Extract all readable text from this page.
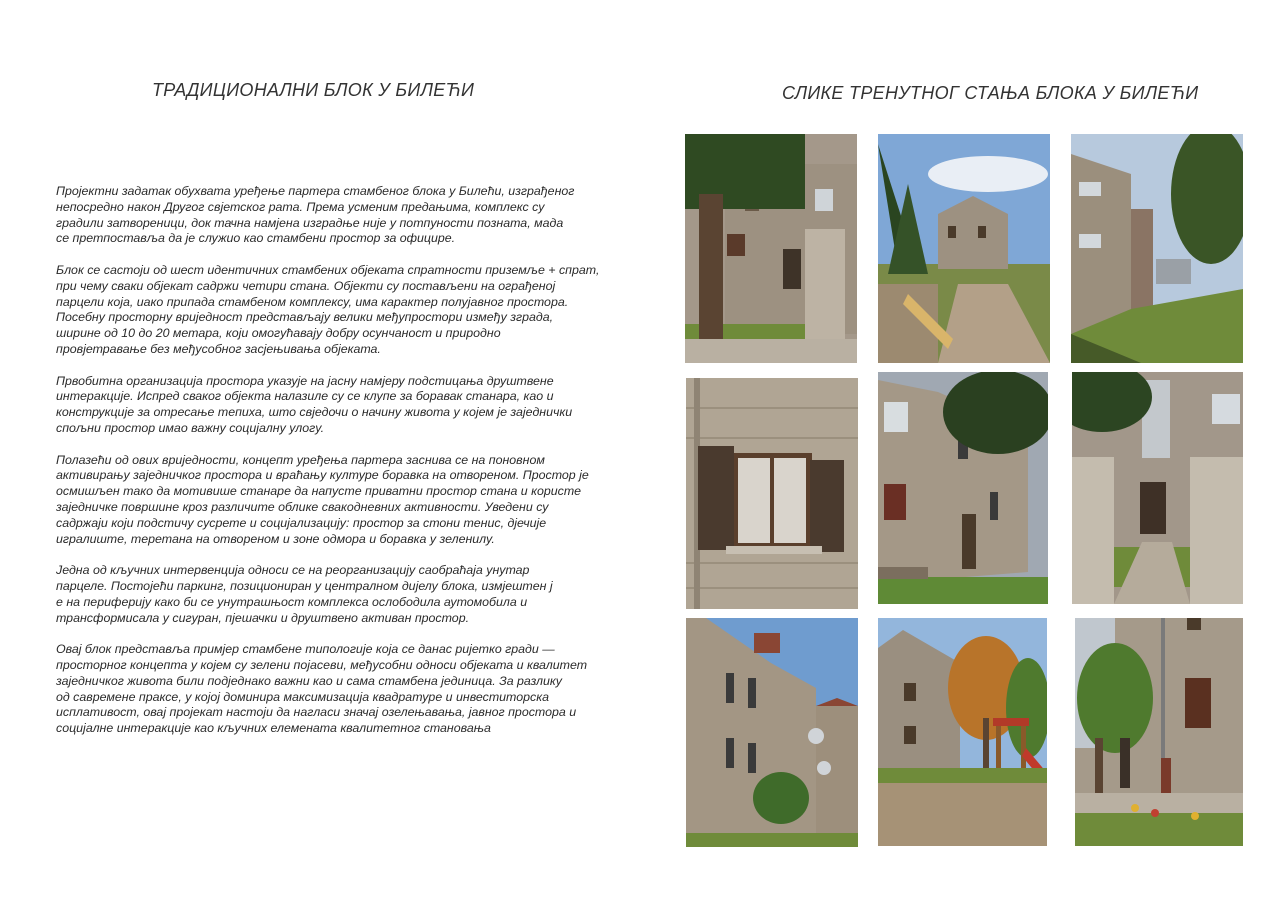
ТРАДИЦИОНАЛНИ БЛОК У БИЛЕЋИ	СЛИКЕ ТРЕНУТНОГ СТАЊА БЛОКА У БИЛЕЋИ

Пројектни задатак обухвата уређење партера стамбеног блока у Билећи, изграђеног
непосредно након Другог свјетског рата. Према усменим предањима, комплекс су
градили затвореници, док тачна намјена изградње није у потпуности позната, мада
се претпоставља да је служио као стамбени простор за официре.

Блок се састоји од шест идентичних стамбених објеката спратности приземље + спрат,
при чему сваки објекат садржи четири стана. Објекти су постављени на ограђеној
парцели која, иако припада стамбеном комплексу, има карактер полујавног простора.
Посебну просторну вриједност представљају велики међупростори између зграда,
ширине од 10 до 20 метара, који омогућавају добру осунчаност и природно
провјетравање без међусобног засјењивања објеката.

Првобитна организација простора указује на јасну намјеру подстицања друштвене
интеракције. Испред сваког објекта налазиле су се клупе за боравак станара, као и
конструкције за отресање тепиха, што свједочи о начину живота у којем је заједнички
спољни простор имао важну социјалну улогу.

Полазећи од ових вриједности, концепт уређења партера заснива се на поновном
активирању заједничког простора и враћању културе боравка на отвореном. Простор је
осмишљен тако да мотивише станаре да напусте приватни простор стана и користе
заједничке површине кроз различите облике свакодневних активности. Уведени су
садржаји који подстичу сусрете и социјализацију: простор за стони тенис, дјечије
игралиште, теретана на отвореном и зоне одмора и боравка у зеленилу.

Једна од кључних интервенција односи се на реорганизацију саобраћаја унутар
парцеле. Постојећи паркинг, позициониран у централном дијелу блока, измјештен ј
е на периферију како би се унутрашњост комплекса ослободила аутомобила и
трансформисала у сигуран, пјешачки и друштвено активан простор.

Овај блок представља примјер стамбене типологије која се данас ријетко гради —
просторног концепта у којем су зелени појасеви, међусобни односи објеката и квалитет
заједничког живота били подједнако важни као и сама стамбена јединица. За разлику
од савремене праксе, у којој доминира максимизација квадратуре и инвеститорска
исплативост, овај пројекат настоји да нагласи значај озелењавања, јавног простора и
социјалне интеракције као кључних елемената квалитетног становања
